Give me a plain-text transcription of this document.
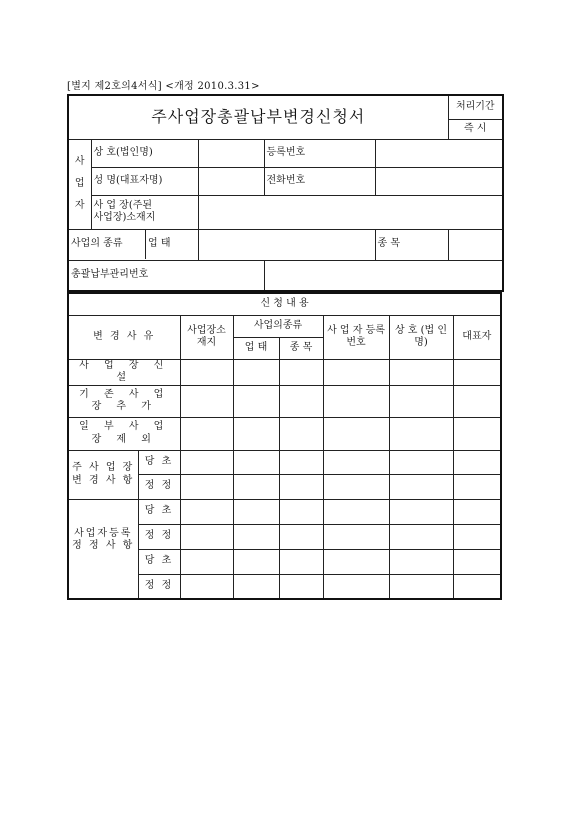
[별지 제2호의4서식] <개정 2010.3.31>
주사업장총괄납부변경신청서					처리기간
					즉 시
사
업
자	상 호(법인명)		등록번호		
	성 명(대표자명)		전화번호		
	사 업 장(주된
사업장)소재지				
사업의 종류 업 태				종 목	
총괄납부관리번호					
신 청 내 용							
변 경 사 유		사업장소재지	사업의종류		사 업 자 등록번호	상 호 (법 인명)	대표자
			업 태	종 목			
사 업 장 신 설							
기 존 사 업 장 추 가							
일 부 사 업 장 제 외							
주 사 업 장 변 경 사 항	당 초						
	정 정						
사업자등록 정 정 사 항	당 초						
	정 정						
	당 초						
	정 정						
